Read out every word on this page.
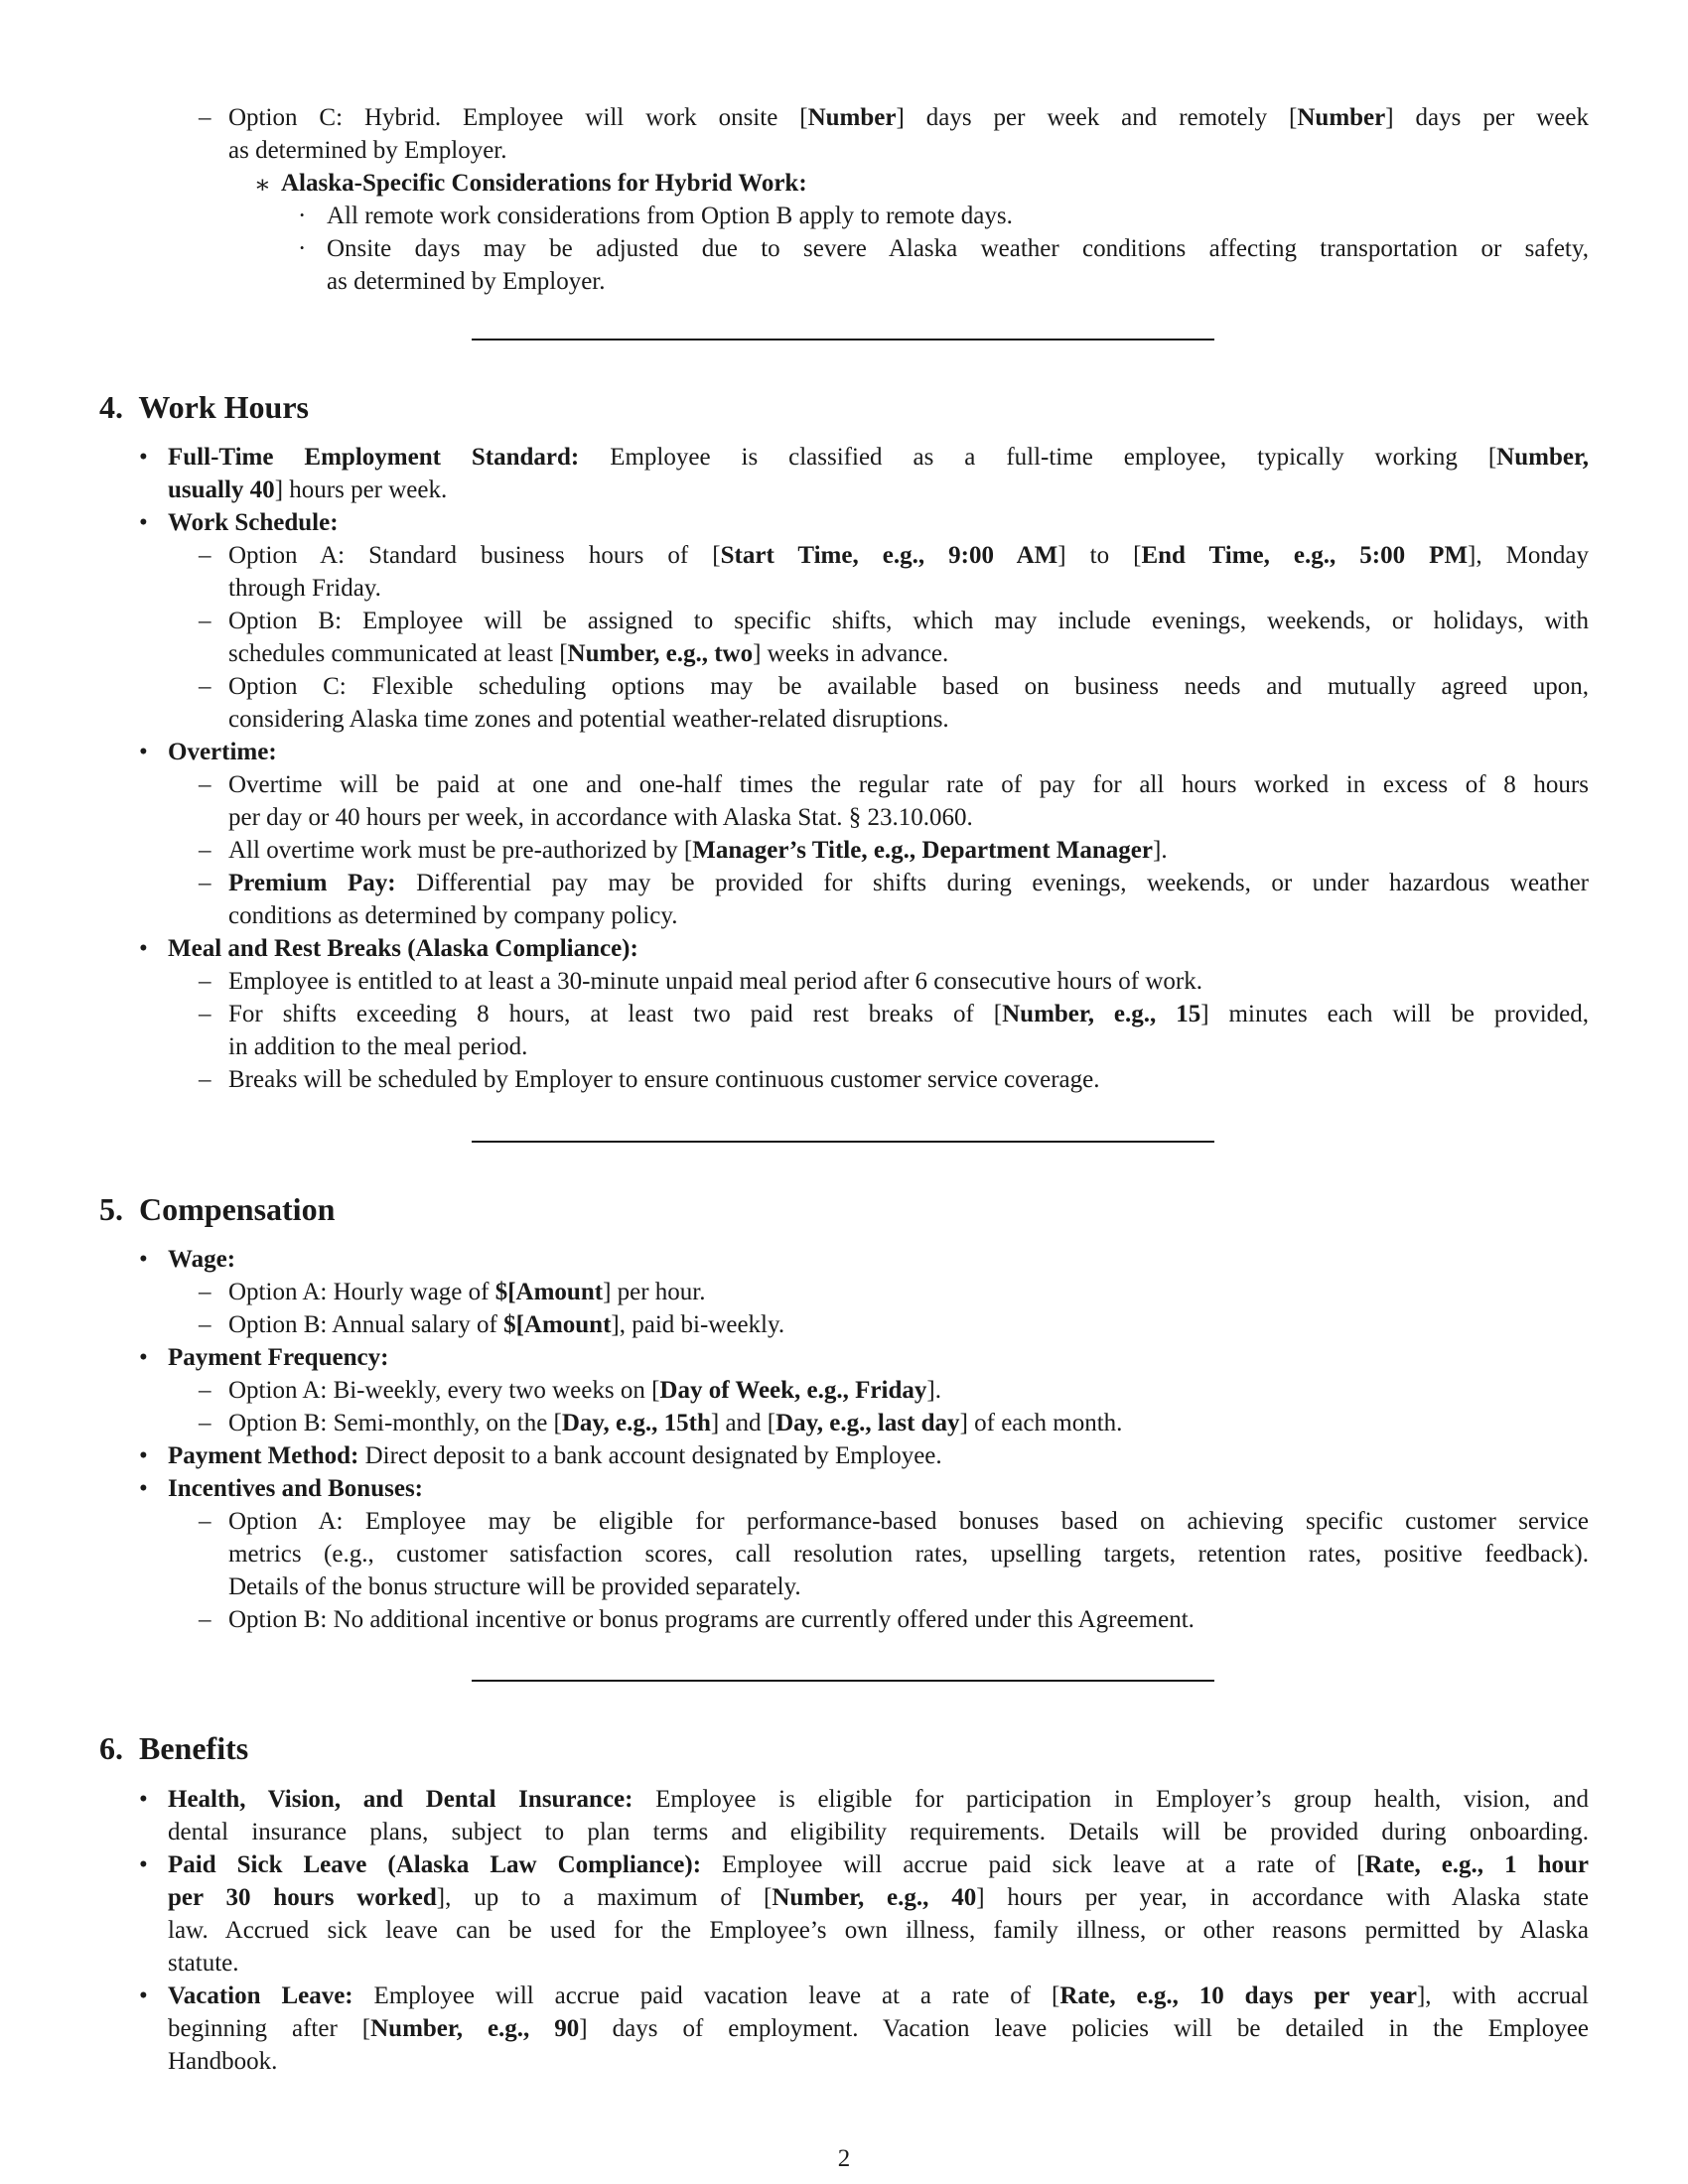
– Option C: Hybrid. Employee will work onsite [Number] days per week and remotely [Number] days per week
as determined by Employer.
∗ Alaska-Specific Considerations for Hybrid Work:
· All remote work considerations from Option B apply to remote days.
· Onsite days may be adjusted due to severe Alaska weather conditions affecting transportation or safety,
as determined by Employer.
4. Work Hours
• Full-Time Employment Standard: Employee is classified as a full-time employee, typically working [Number,
usually 40] hours per week.
• Work Schedule:
– Option A: Standard business hours of [Start Time, e.g., 9:00 AM] to [End Time, e.g., 5:00 PM], Monday
through Friday.
– Option B: Employee will be assigned to specific shifts, which may include evenings, weekends, or holidays, with
schedules communicated at least [Number, e.g., two] weeks in advance.
– Option C: Flexible scheduling options may be available based on business needs and mutually agreed upon,
considering Alaska time zones and potential weather-related disruptions.
• Overtime:
– Overtime will be paid at one and one-half times the regular rate of pay for all hours worked in excess of 8 hours
per day or 40 hours per week, in accordance with Alaska Stat. § 23.10.060.
– All overtime work must be pre-authorized by [Manager’s Title, e.g., Department Manager].
– Premium Pay: Differential pay may be provided for shifts during evenings, weekends, or under hazardous weather
conditions as determined by company policy.
• Meal and Rest Breaks (Alaska Compliance):
– Employee is entitled to at least a 30-minute unpaid meal period after 6 consecutive hours of work.
– For shifts exceeding 8 hours, at least two paid rest breaks of [Number, e.g., 15] minutes each will be provided,
in addition to the meal period.
– Breaks will be scheduled by Employer to ensure continuous customer service coverage.
5. Compensation
• Wage:
– Option A: Hourly wage of $[Amount] per hour.
– Option B: Annual salary of $[Amount], paid bi-weekly.
• Payment Frequency:
– Option A: Bi-weekly, every two weeks on [Day of Week, e.g., Friday].
– Option B: Semi-monthly, on the [Day, e.g., 15th] and [Day, e.g., last day] of each month.
• Payment Method: Direct deposit to a bank account designated by Employee.
• Incentives and Bonuses:
– Option A: Employee may be eligible for performance-based bonuses based on achieving specific customer service
metrics (e.g., customer satisfaction scores, call resolution rates, upselling targets, retention rates, positive feedback).
Details of the bonus structure will be provided separately.
– Option B: No additional incentive or bonus programs are currently offered under this Agreement.
6. Benefits
• Health, Vision, and Dental Insurance: Employee is eligible for participation in Employer’s group health, vision, and
dental insurance plans, subject to plan terms and eligibility requirements. Details will be provided during onboarding.
• Paid Sick Leave (Alaska Law Compliance): Employee will accrue paid sick leave at a rate of [Rate, e.g., 1 hour
per 30 hours worked], up to a maximum of [Number, e.g., 40] hours per year, in accordance with Alaska state
law. Accrued sick leave can be used for the Employee’s own illness, family illness, or other reasons permitted by Alaska
statute.
• Vacation Leave: Employee will accrue paid vacation leave at a rate of [Rate, e.g., 10 days per year], with accrual
beginning after [Number, e.g., 90] days of employment. Vacation leave policies will be detailed in the Employee
Handbook.
2
